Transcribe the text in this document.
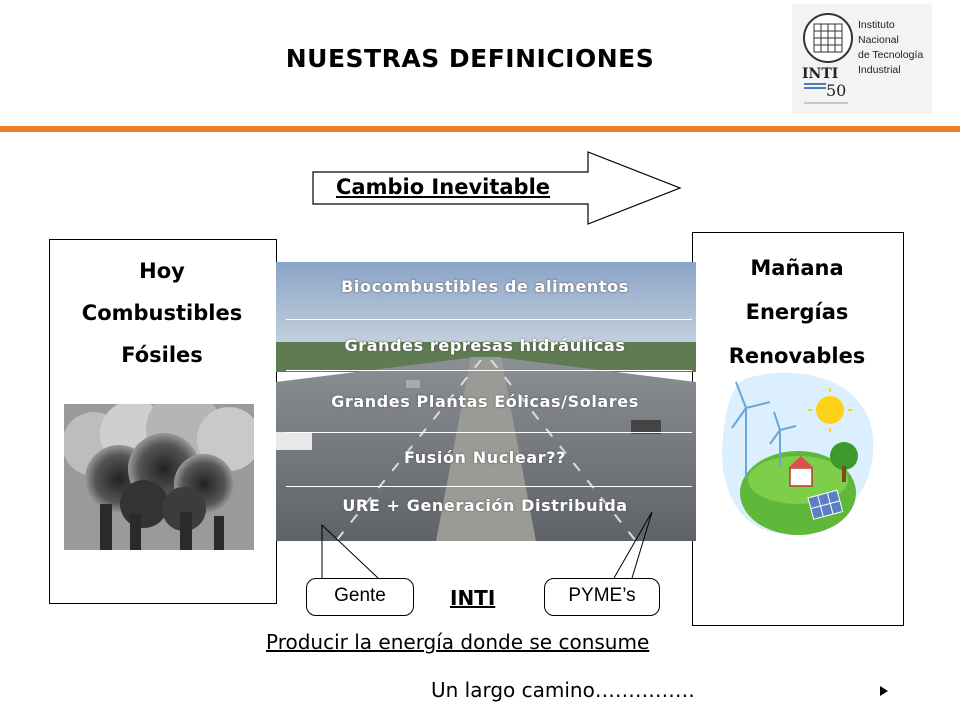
NUESTRAS DEFINICIONES
INTI
50
Instituto
Nacional
de Tecnología
Industrial
Cambio Inevitable
Hoy
Combustibles
Fósiles
Mañana
Energías
Renovables
Biocombustibles de alimentos
Grandes represas hidráulicas
Grandes Plantas Eólicas/Solares
Fusión Nuclear??
URE + Generación Distribuida
Gente	PYME’s
INTI
Producir la energía donde se consume
Un largo camino……………
